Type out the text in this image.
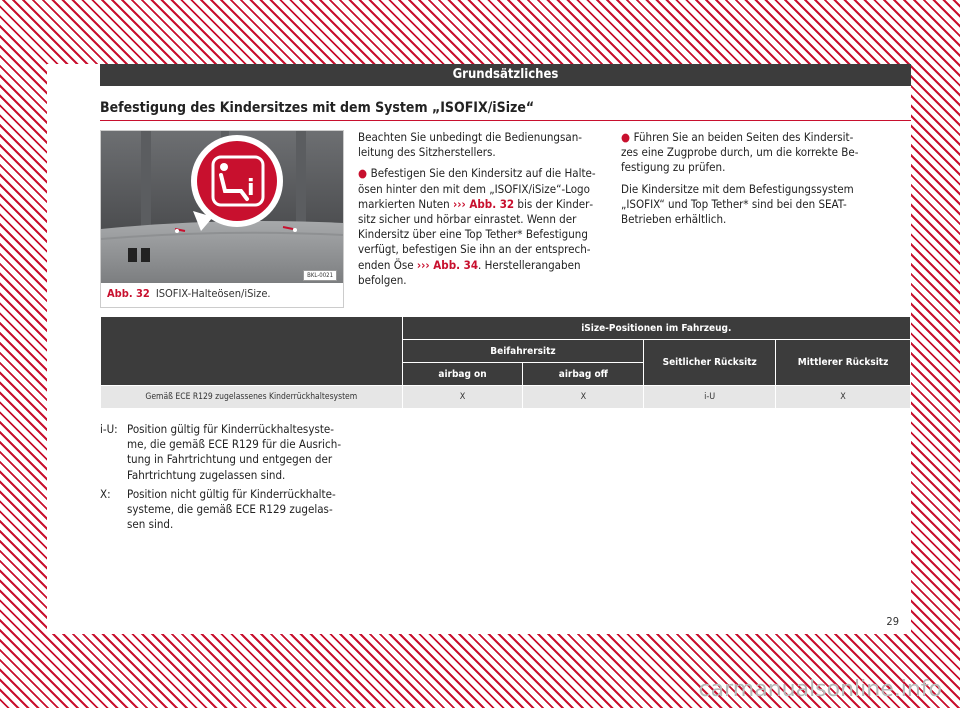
Grundsätzliches
Befestigung des Kindersitzes mit dem System „ISOFIX/iSize“
i
BKL-0021
Abb. 32 ISOFIX-Halteösen/iSize.

Beachten Sie unbedingt die Bedienungsanleitung des Sitzherstellers.

● Befestigen Sie den Kindersitz auf die Halteösen hinter den mit dem „ISOFIX/iSize“-Logo markierten Nuten ››› Abb. 32 bis der Kindersitz sicher und hörbar einrastet. Wenn der Kindersitz über eine Top Tether* Befestigung verfügt, befestigen Sie ihn an der entsprechenden Öse ››› Abb. 34. Herstellerangaben befolgen.

● Führen Sie an beiden Seiten des Kindersitzes eine Zugprobe durch, um die korrekte Befestigung zu prüfen.

Die Kindersitze mit dem Befestigungssystem „ISOFIX“ und Top Tether* sind bei den SEAT-Betrieben erhältlich.

	iSize-Positionen im Fahrzeug.			
	Beifahrersitz		Seitlicher Rücksitz	Mittlerer Rücksitz
	airbag on	airbag off		
Gemäß ECE R129 zugelassenes Kinderrückhaltesystem	X	X	i-U	X
i-U: Position gültig für Kinderrückhaltesysteme, die gemäß ECE R129 für die Ausrichtung in Fahrtrichtung und entgegen der Fahrtrichtung zugelassen sind.
X:	Position nicht gültig für Kinderrückhaltesysteme, die gemäß ECE R129 zugelassen sind.
29
carmanualsonline.info
